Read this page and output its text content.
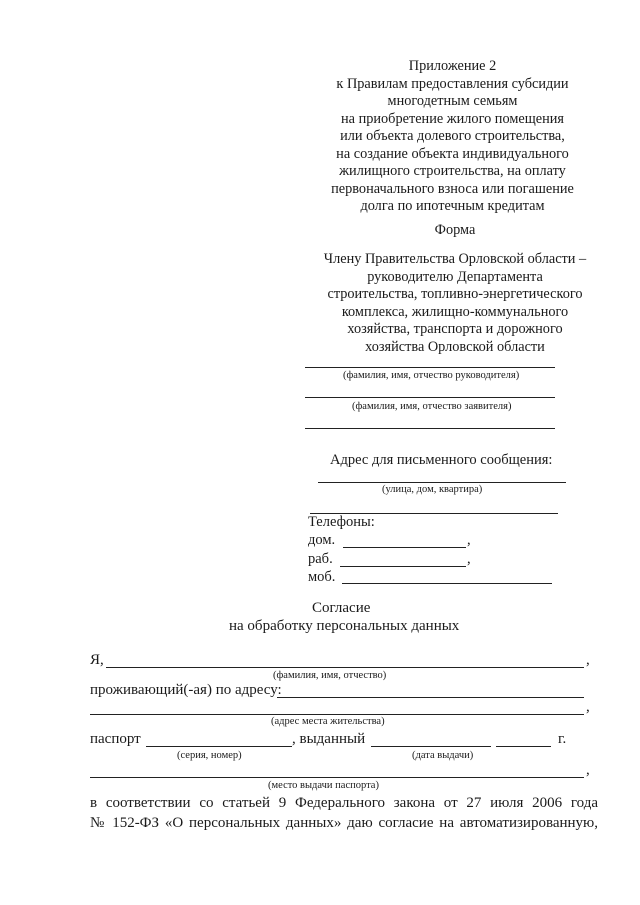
Приложение 2
к Правилам предоставления субсидии
многодетным семьям
на приобретение жилого помещения
или объекта долевого строительства,
на создание объекта индивидуального
жилищного строительства, на оплату
первоначального взноса или погашение
долга по ипотечным кредитам
Форма
Члену Правительства Орловской области –
руководителю Департамента
строительства, топливно-энергетического
комплекса, жилищно-коммунального
хозяйства, транспорта и дорожного
хозяйства Орловской области
(фамилия, имя, отчество руководителя)
(фамилия, имя, отчество заявителя)
Адрес для письменного сообщения:
(улица, дом, квартира)
Телефоны:
дом.	,
раб.	,
моб.
Согласие
на обработку персональных данных
Я,	,
(фамилия, имя, отчество)
проживающий(-ая) по адресу:
,
(адрес места жительства)
паспорт	, выданный	г.
(серия, номер)	(дата выдачи)
,
(место выдачи паспорта)
в соответствии со статьей 9 Федерального закона от 27 июля 2006 года
№ 152-ФЗ «О персональных данных» даю согласие на автоматизированную,
